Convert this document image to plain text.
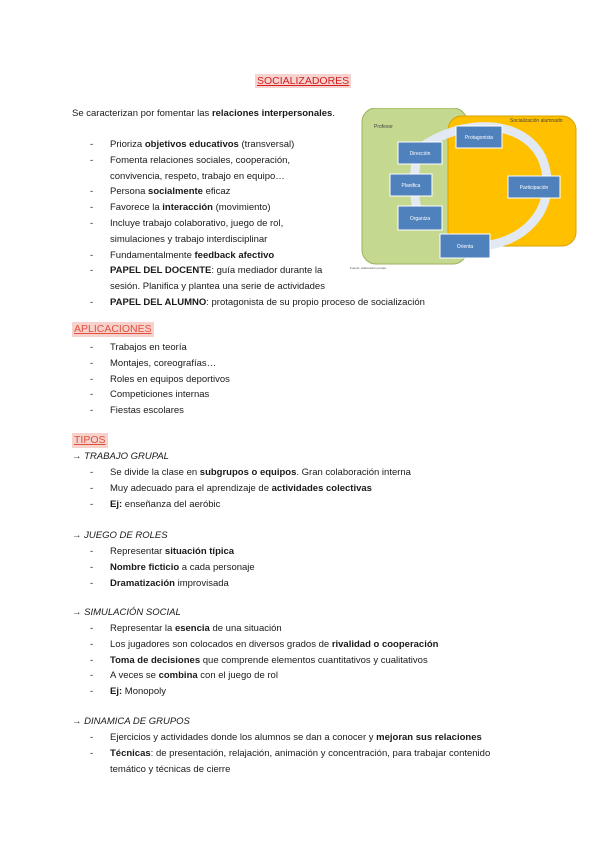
SOCIALIZADORES
Se caracterizan por fomentar las relaciones interpersonales.
- Prioriza objetivos educativos (transversal)
- Fomenta relaciones sociales, cooperación,
convivencia, respeto, trabajo en equipo…
- Persona socialmente eficaz
- Favorece la interacción (movimiento)
- Incluye trabajo colaborativo, juego de rol,
simulaciones y trabajo interdisciplinar
- Fundamentalmente feedback afectivo
- PAPEL DEL DOCENTE: guía mediador durante la
sesión. Planifica y plantea una serie de actividades
- PAPEL DEL ALUMNO: protagonista de su propio proceso de socialización
Profesor
Socialización alumnado
Dirección
Protagonista
Planifica
Organiza
Participación
Orienta
Fuente: elaboración propia
APLICACIONES
- Trabajos en teoría
- Montajes, coreografías…
- Roles en equipos deportivos
- Competiciones internas
- Fiestas escolares
TIPOS
→ TRABAJO GRUPAL
- Se divide la clase en subgrupos o equipos. Gran colaboración interna
- Muy adecuado para el aprendizaje de actividades colectivas
- Ej: enseñanza del aeróbic
→ JUEGO DE ROLES
- Representar situación típica
- Nombre ficticio a cada personaje
- Dramatización improvisada
→ SIMULACIÓN SOCIAL
- Representar la esencia de una situación
- Los jugadores son colocados en diversos grados de rivalidad o cooperación
- Toma de decisiones que comprende elementos cuantitativos y cualitativos
- A veces se combina con el juego de rol
- Ej: Monopoly
→ DINAMICA DE GRUPOS
- Ejercicios y actividades donde los alumnos se dan a conocer y mejoran sus relaciones
- Técnicas: de presentación, relajación, animación y concentración, para trabajar contenido
temático y técnicas de cierre
